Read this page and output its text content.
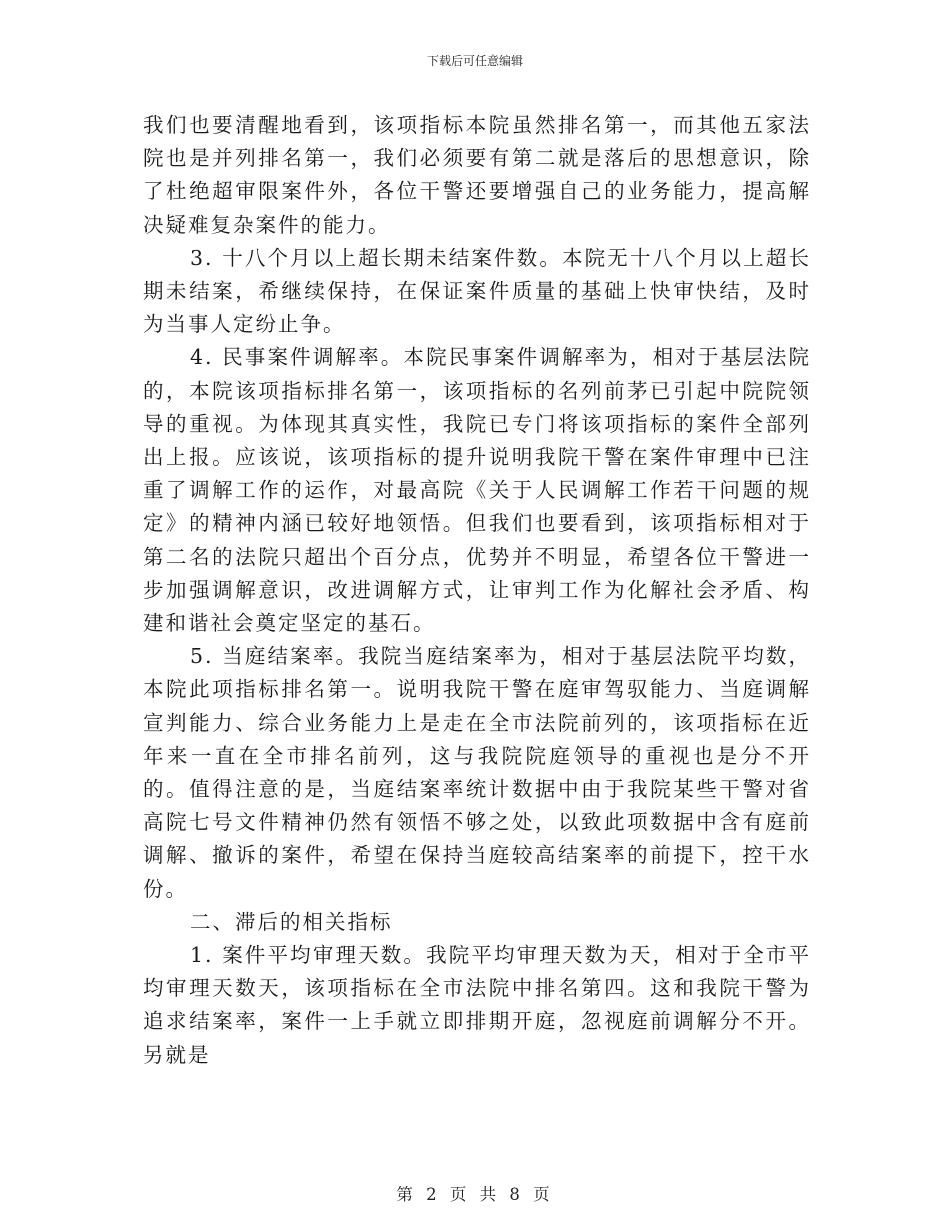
下载后可任意编辑

我们也要清醒地看到，该项指标本院虽然排名第一，而其他五家法院也是并列排名第一，我们必须要有第二就是落后的思想意识，除了杜绝超审限案件外，各位干警还要增强自己的业务能力，提高解决疑难复杂案件的能力。

3. 十八个月以上超长期未结案件数。本院无十八个月以上超长期未结案，希继续保持，在保证案件质量的基础上快审快结，及时为当事人定纷止争。

4. 民事案件调解率。本院民事案件调解率为，相对于基层法院的，本院该项指标排名第一，该项指标的名列前茅已引起中院院领导的重视。为体现其真实性，我院已专门将该项指标的案件全部列出上报。应该说，该项指标的提升说明我院干警在案件审理中已注重了调解工作的运作，对最高院《关于人民调解工作若干问题的规定》的精神内涵已较好地领悟。但我们也要看到，该项指标相对于第二名的法院只超出个百分点，优势并不明显，希望各位干警进一步加强调解意识，改进调解方式，让审判工作为化解社会矛盾、构建和谐社会奠定坚定的基石。

5. 当庭结案率。我院当庭结案率为，相对于基层法院平均数，本院此项指标排名第一。说明我院干警在庭审驾驭能力、当庭调解宣判能力、综合业务能力上是走在全市法院前列的，该项指标在近年来一直在全市排名前列，这与我院院庭领导的重视也是分不开的。值得注意的是，当庭结案率统计数据中由于我院某些干警对省高院七号文件精神仍然有领悟不够之处，以致此项数据中含有庭前调解、撤诉的案件，希望在保持当庭较高结案率的前提下，控干水份。

二、滞后的相关指标

1. 案件平均审理天数。我院平均审理天数为天，相对于全市平均审理天数天，该项指标在全市法院中排名第四。这和我院干警为追求结案率，案件一上手就立即排期开庭，忽视庭前调解分不开。另就是

第 2 页 共 8 页
